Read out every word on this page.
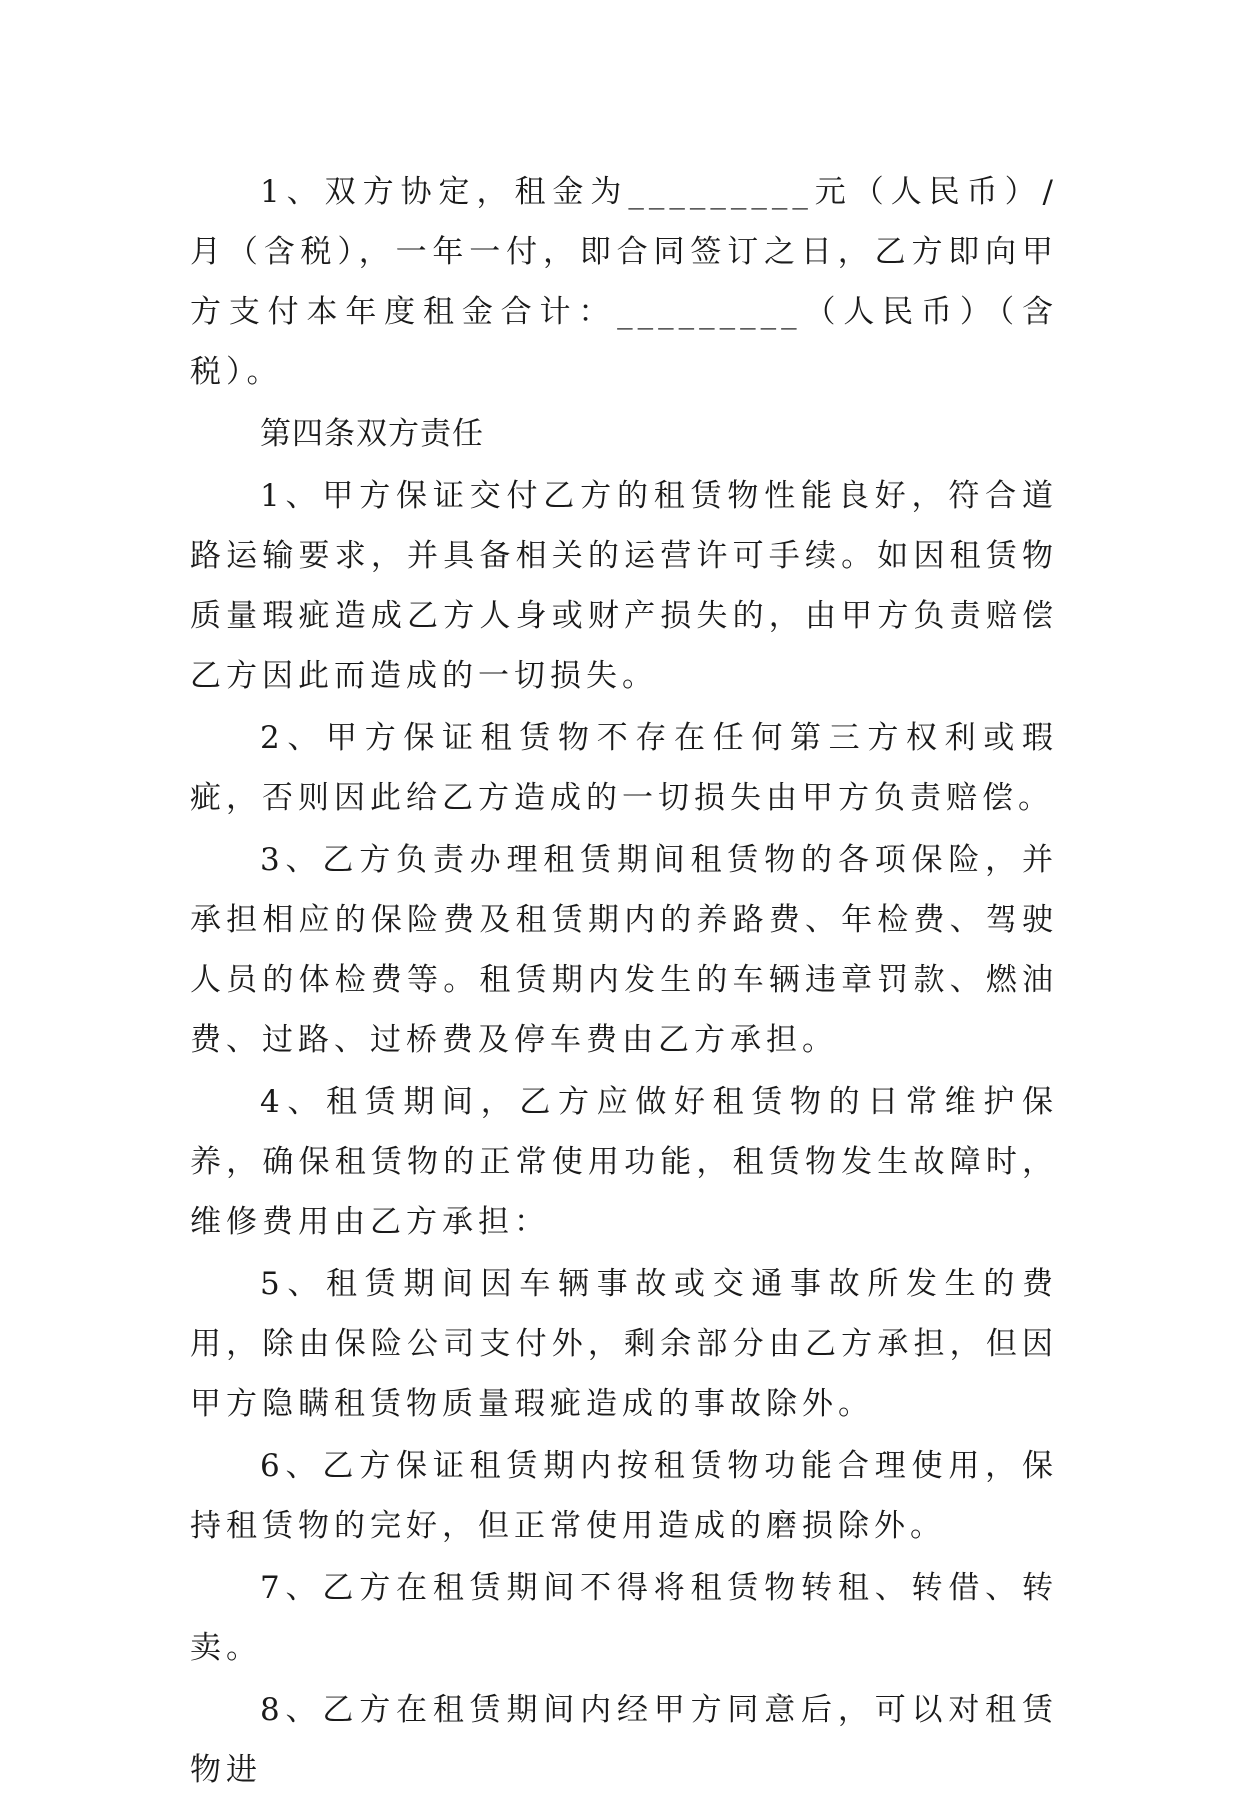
1、双方协定，租金为_________元（人民币）/月（含税），一年一付，即合同签订之日，乙方即向甲方支付本年度租金合计：_________（人民币）（含税）。

第四条双方责任

1、甲方保证交付乙方的租赁物性能良好，符合道路运输要求，并具备相关的运营许可手续。如因租赁物质量瑕疵造成乙方人身或财产损失的，由甲方负责赔偿乙方因此而造成的一切损失。

2、甲方保证租赁物不存在任何第三方权利或瑕疵，否则因此给乙方造成的一切损失由甲方负责赔偿。

3、乙方负责办理租赁期间租赁物的各项保险，并承担相应的保险费及租赁期内的养路费、年检费、驾驶人员的体检费等。租赁期内发生的车辆违章罚款、燃油费、过路、过桥费及停车费由乙方承担。

4、租赁期间，乙方应做好租赁物的日常维护保养，确保租赁物的正常使用功能，租赁物发生故障时，维修费用由乙方承担：

5、租赁期间因车辆事故或交通事故所发生的费用，除由保险公司支付外，剩余部分由乙方承担，但因甲方隐瞒租赁物质量瑕疵造成的事故除外。

6、乙方保证租赁期内按租赁物功能合理使用，保持租赁物的完好，但正常使用造成的磨损除外。

7、乙方在租赁期间不得将租赁物转租、转借、转卖。

8、乙方在租赁期间内经甲方同意后，可以对租赁物进
